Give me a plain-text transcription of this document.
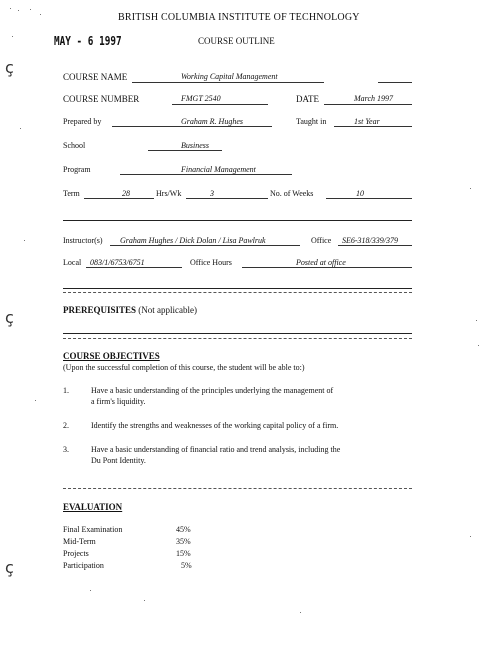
ç
ç
ç
BRITISH COLUMBIA INSTITUTE OF TECHNOLOGY
MAY - 6 1997	COURSE OUTLINE
COURSE NAME	Working Capital Management
COURSE NUMBER	FMGT 2540	DATE	March 1997
Prepared by	Graham R. Hughes	Taught in	1st Year
School	Business
Program	Financial Management
Term	28	Hrs/Wk	3	No. of Weeks	10
Instructor(s) Graham Hughes / Dick Dolan / Lisa Pawlruk	Office SE6-318/339/379
Local 083/1/6753/6751	Office Hours	Posted at office
PREREQUISITES (Not applicable)
COURSE OBJECTIVES
(Upon the successful completion of this course, the student will be able to:)
1.	Have a basic understanding of the principles underlying the management of
a firm's liquidity.
2.	Identify the strengths and weaknesses of the working capital policy of a firm.
3.	Have a basic understanding of financial ratio and trend analysis, including the
Du Pont Identity.
EVALUATION
Final Examination	45%
Mid-Term	35%
Projects	15%
Participation	5%
